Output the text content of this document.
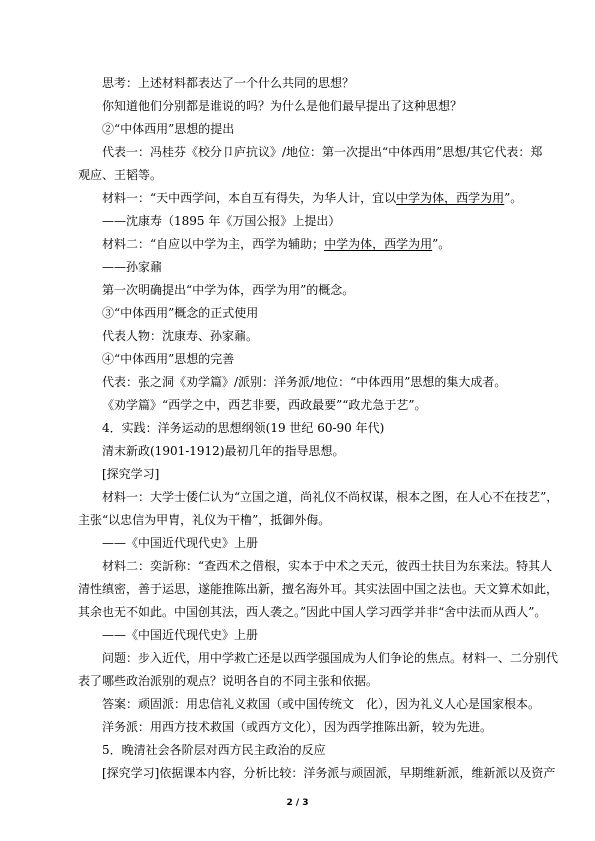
思考：上述材料都表达了一个什么共同的思想？
你知道他们分别都是谁说的吗？为什么是他们最早提出了这种思想？
②“中体西用”思想的提出
代表一：冯桂芬《校分卩庐抗议》/地位：第一次提出“中体西用”思想/其它代表：郑
观应、王韬等。
材料一：“天中西学问，本自互有得失，为华人计，宜以中学为体，西学为用”。
——沈康寿（1895 年《万国公报》上提出）
材料二：“自应以中学为主，西学为辅助；中学为体，西学为用”。
——孙家鼐
第一次明确提出“中学为体，西学为用”的概念。
③“中体西用”概念的正式使用
代表人物：沈康寿、孙家鼐。
④“中体西用”思想的完善
代表：张之洞《劝学篇》/派别：洋务派/地位：“中体西用”思想的集大成者。
《劝学篇》“西学之中，西艺非要，西政最要”“政尤急于艺”。
4．实践：洋务运动的思想纲领(19 世纪 60-90 年代)
清末新政(1901-1912)最初几年的指导思想。
[探究学习]
材料一：大学士倭仁认为“立国之道，尚礼仪不尚权谋，根本之图，在人心不在技艺”，
主张“以忠信为甲胄，礼仪为干橹”，抵御外侮。
——《中国近代现代史》上册
材料二：奕訢称：“查西术之借根，实本于中术之天元，彼西士扶目为东来法。特其人
清性缜密，善于运思，遂能推陈出新，擅名海外耳。其实法固中国之法也。天文算术如此，
其余也无不如此。中国创其法，西人袭之。”因此中国人学习西学并非“舍中法而从西人”。
——《中国近代现代史》上册
问题：步入近代，用中学救亡还是以西学强国成为人们争论的焦点。材料一、二分别代
表了哪些政治派别的观点？说明各自的不同主张和依据。
答案：顽固派：用忠信礼义救国（或中国传统文　化），因为礼义人心是国家根本。
洋务派：用西方技术救国（或西方文化），因为西学推陈出新，较为先进。
5．晚清社会各阶层对西方民主政治的反应
[探究学习]依据课本内容，分析比较：洋务派与顽固派，早期维新派，维新派以及资产
2 / 3
